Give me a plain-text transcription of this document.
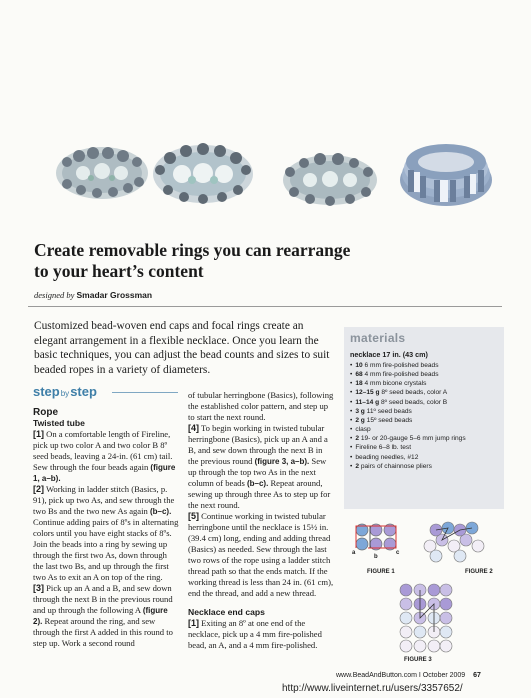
Create removable rings you can rearrange to your heart’s content
designed by Smadar Grossman
Customized bead-woven end caps and focal rings create an elegant arrangement in a flexible necklace. Once you learn the basic techniques, you can adjust the bead counts and sizes to suit beaded ropes in a variety of diameters.
stepbystep
Rope
Twisted tube

[1] On a comfortable length of Fireline, pick up two color A and two color B 8º seed beads, leaving a 24-in. (61 cm) tail. Sew through the four beads again (figure 1, a–b).

[2] Working in ladder stitch (Basics, p. 91), pick up two As, and sew through the two Bs and the two new As again (b–c). Continue adding pairs of 8ºs in alternating colors until you have eight stacks of 8ºs. Join the beads into a ring by sewing up through the first two As, down through the last two Bs, and up through the first two As to exit an A on top of the ring.

[3] Pick up an A and a B, and sew down through the next B in the previous round and up through the following A (figure 2). Repeat around the ring, and sew through the first A added in this round to step up. Work a second round

of tubular herringbone (Basics), following the established color pattern, and step up to start the next round.

[4] To begin working in twisted tubular herringbone (Basics), pick up an A and a B, and sew down through the next B in the previous round (figure 3, a–b). Sew up through the top two As in the next column of beads (b–c). Repeat around, sewing up through three As to step up for the next round.

[5] Continue working in twisted tubular herringbone until the necklace is 15½ in. (39.4 cm) long, ending and adding thread (Basics) as needed. Sew through the last two rows of the rope using a ladder stitch thread path so that the ends match. If the working thread is less than 24 in. (61 cm), end the thread, and add a new thread.

Necklace end caps

[1] Exiting an 8º at one end of the necklace, pick up a 4 mm fire-polished bead, an A, and a 4 mm fire-polished.

materials
necklace 17 in. (43 cm)
• 10 6 mm fire-polished beads
• 68 4 mm fire-polished beads
• 18 4 mm bicone crystals
• 12–15 g 8º seed beads, color A
• 11–14 g 8º seed beads, color B
• 3 g 11º seed beads
• 2 g 15º seed beads
• clasp
• 2 19- or 20-gauge 5–6 mm jump rings
• Fireline 6–8 lb. test
• beading needles, #12
• 2 pairs of chainnose pliers
a
b
c
FIGURE 1	FIGURE 2
FIGURE 3
www.BeadAndButton.com I October 2009 67
http://www.liveinternet.ru/users/3357652/
